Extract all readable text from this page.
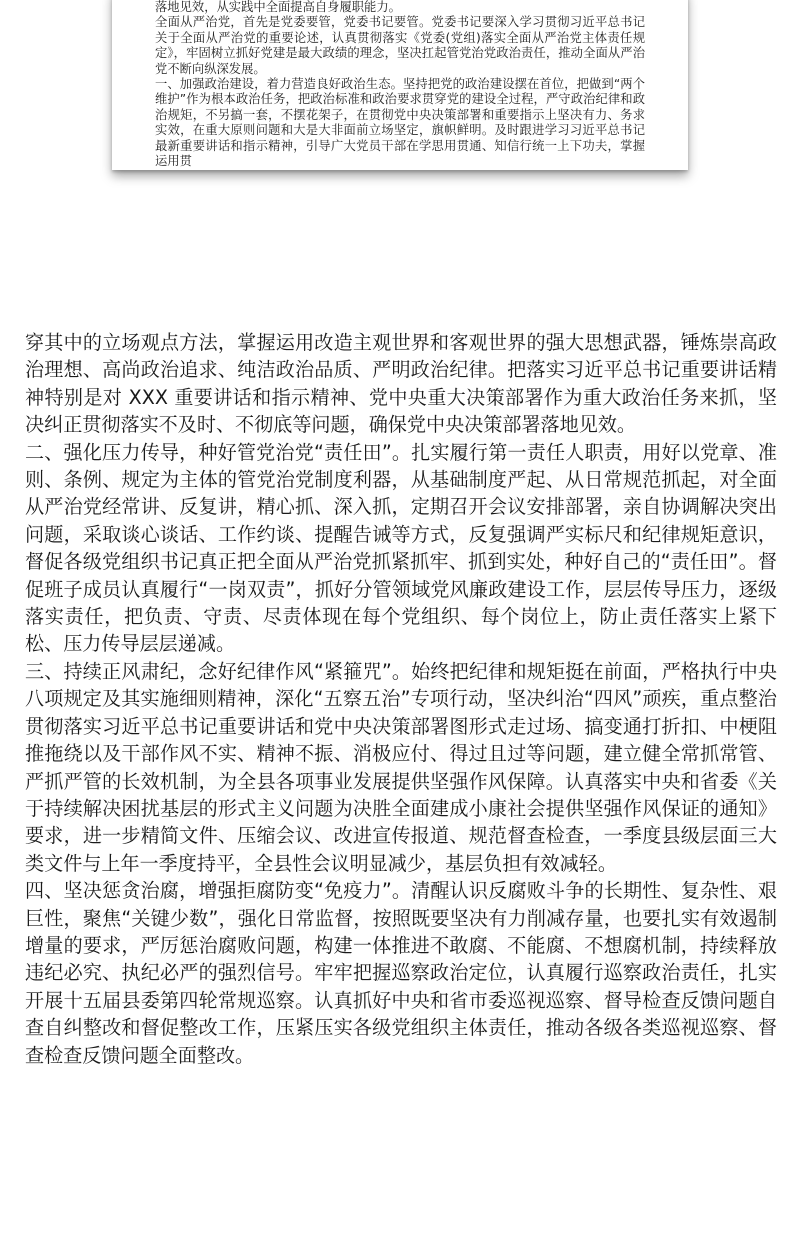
落地见效，从实践中全面提高自身履职能力。

全面从严治党，首先是党委要管，党委书记要管。党委书记要深入学习贯彻习近平总书记关于全面从严治党的重要论述，认真贯彻落实《党委(党组)落实全面从严治党主体责任规定》，牢固树立抓好党建是最大政绩的理念，坚决扛起管党治党政治责任，推动全面从严治党不断向纵深发展。

一、加强政治建设，着力营造良好政治生态。坚持把党的政治建设摆在首位，把做到“两个维护”作为根本政治任务，把政治标准和政治要求贯穿党的建设全过程，严守政治纪律和政治规矩，不另搞一套，不摆花架子，在贯彻党中央决策部署和重要指示上坚决有力、务求实效，在重大原则问题和大是大非面前立场坚定，旗帜鲜明。及时跟进学习习近平总书记最新重要讲话和指示精神，引导广大党员干部在学思用贯通、知信行统一上下功夫，掌握运用贯

穿其中的立场观点方法，掌握运用改造主观世界和客观世界的强大思想武器，锤炼崇高政治理想、高尚政治追求、纯洁政治品质、严明政治纪律。把落实习近平总书记重要讲话精神特别是对 XXX 重要讲话和指示精神、党中央重大决策部署作为重大政治任务来抓，坚决纠正贯彻落实不及时、不彻底等问题，确保党中央决策部署落地见效。

二、强化压力传导，种好管党治党“责任田”。扎实履行第一责任人职责，用好以党章、准则、条例、规定为主体的管党治党制度利器，从基础制度严起、从日常规范抓起，对全面从严治党经常讲、反复讲，精心抓、深入抓，定期召开会议安排部署，亲自协调解决突出问题，采取谈心谈话、工作约谈、提醒告诫等方式，反复强调严实标尺和纪律规矩意识，督促各级党组织书记真正把全面从严治党抓紧抓牢、抓到实处，种好自己的“责任田”。督促班子成员认真履行“一岗双责”，抓好分管领域党风廉政建设工作，层层传导压力，逐级落实责任，把负责、守责、尽责体现在每个党组织、每个岗位上，防止责任落实上紧下松、压力传导层层递减。

三、持续正风肃纪，念好纪律作风“紧箍咒”。始终把纪律和规矩挺在前面，严格执行中央八项规定及其实施细则精神，深化“五察五治”专项行动，坚决纠治“四风”顽疾，重点整治贯彻落实习近平总书记重要讲话和党中央决策部署图形式走过场、搞变通打折扣、中梗阻推拖绕以及干部作风不实、精神不振、消极应付、得过且过等问题，建立健全常抓常管、严抓严管的长效机制，为全县各项事业发展提供坚强作风保障。认真落实中央和省委《关于持续解决困扰基层的形式主义问题为决胜全面建成小康社会提供坚强作风保证的通知》要求，进一步精简文件、压缩会议、改进宣传报道、规范督查检查，一季度县级层面三大类文件与上年一季度持平，全县性会议明显减少，基层负担有效减轻。

四、坚决惩贪治腐，增强拒腐防变“免疫力”。清醒认识反腐败斗争的长期性、复杂性、艰巨性，聚焦“关键少数”，强化日常监督，按照既要坚决有力削减存量，也要扎实有效遏制增量的要求，严厉惩治腐败问题，构建一体推进不敢腐、不能腐、不想腐机制，持续释放违纪必究、执纪必严的强烈信号。牢牢把握巡察政治定位，认真履行巡察政治责任，扎实开展十五届县委第四轮常规巡察。认真抓好中央和省市委巡视巡察、督导检查反馈问题自查自纠整改和督促整改工作，压紧压实各级党组织主体责任，推动各级各类巡视巡察、督查检查反馈问题全面整改。
